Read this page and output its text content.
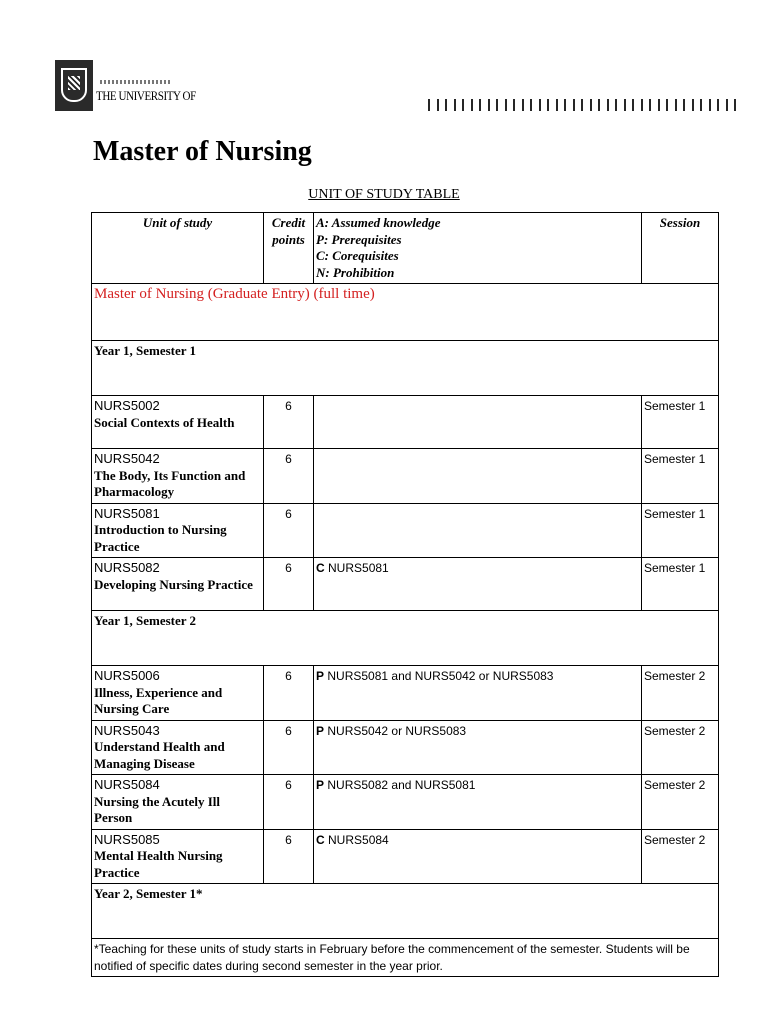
THE UNIVERSITY OF
Master of Nursing
UNIT OF STUDY TABLE
Unit of study	Credit points	A: Assumed knowledge
P: Prerequisites
C: Corequisites
N: Prohibition	Session
Master of Nursing (Graduate Entry) (full time)			
Year 1, Semester 1			

NURS5002
Social Contexts of Health	6		Semester 1

NURS5042
The Body, Its Function and Pharmacology	6		Semester 1

NURS5081
Introduction to Nursing Practice	6		Semester 1

NURS5082
Developing Nursing Practice	6	C NURS5081	Semester 1
Year 1, Semester 2			

NURS5006
Illness, Experience and Nursing Care	6	P NURS5081 and NURS5042 or NURS5083	Semester 2

NURS5043
Understand Health and Managing Disease	6	P NURS5042 or NURS5083	Semester 2

NURS5084
Nursing the Acutely Ill Person	6	P NURS5082 and NURS5081	Semester 2

NURS5085
Mental Health Nursing Practice	6	C NURS5084	Semester 2
Year 2, Semester 1*			
*Teaching for these units of study starts in February before the commencement of the semester. Students will be notified of specific dates during second semester in the year prior.			
